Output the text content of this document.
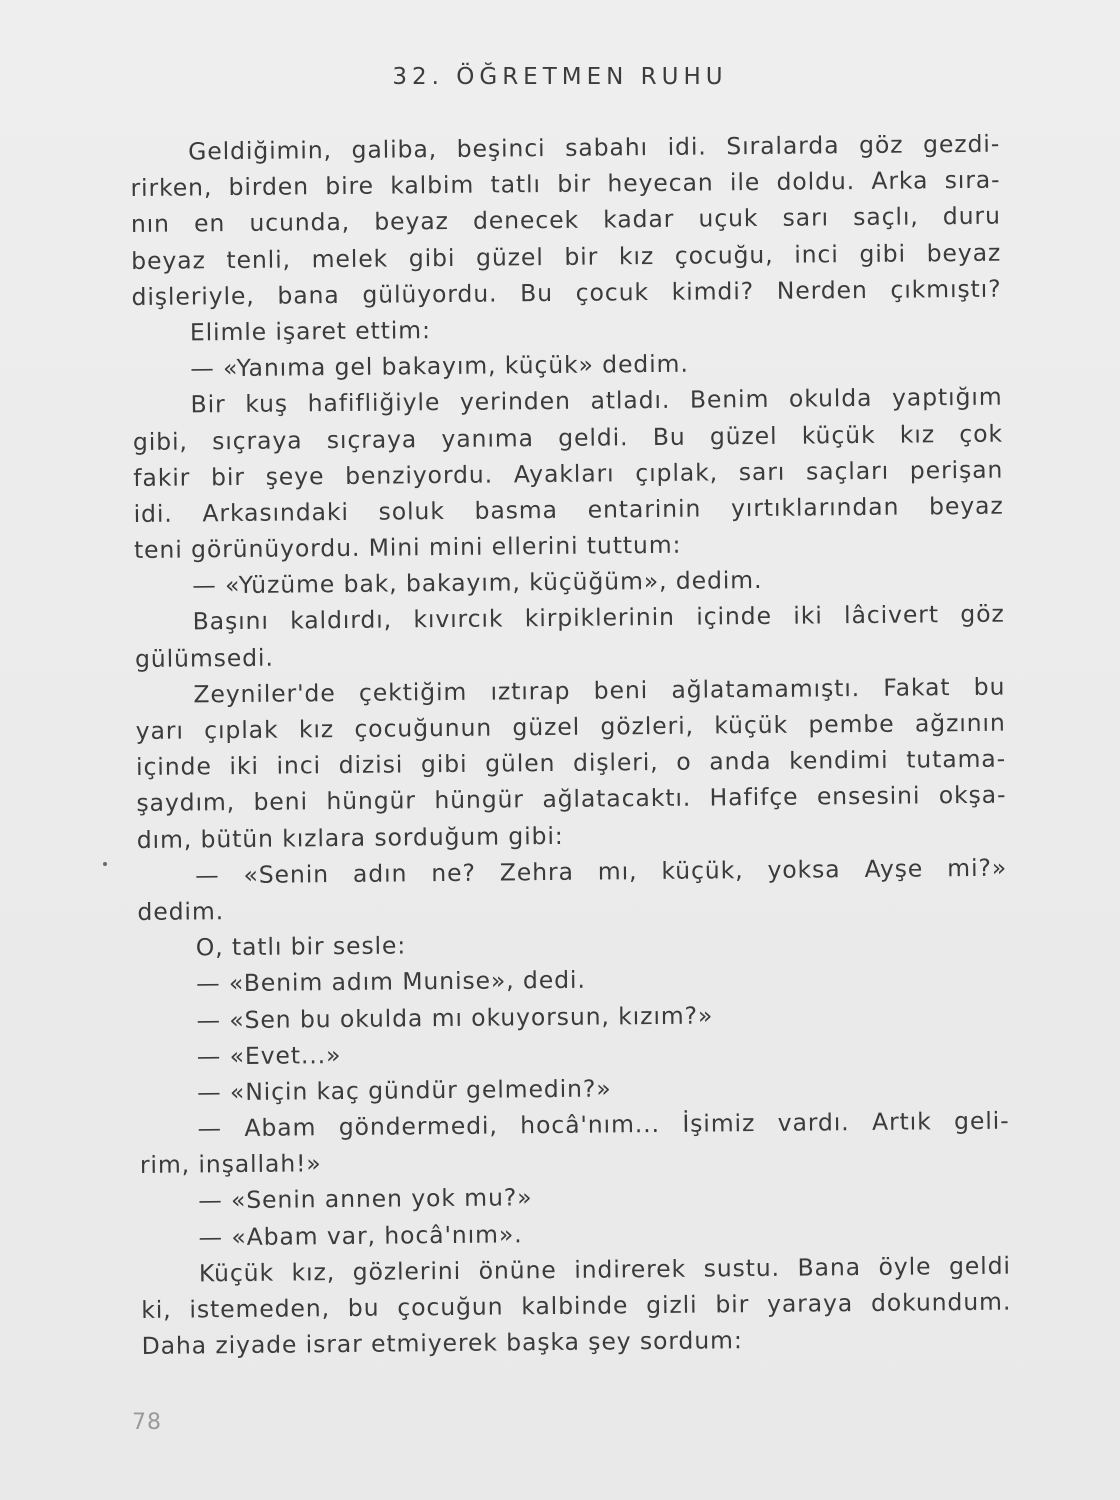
32. ÖĞRETMEN RUHU
Geldiğimin, galiba, beşinci sabahı idi. Sıralarda göz gezdi-
rirken, birden bire kalbim tatlı bir heyecan ile doldu. Arka sıra-
nın en ucunda, beyaz denecek kadar uçuk sarı saçlı, duru
beyaz tenli, melek gibi güzel bir kız çocuğu, inci gibi beyaz
dişleriyle, bana gülüyordu. Bu çocuk kimdi? Nerden çıkmıştı?
Elimle işaret ettim:
— «Yanıma gel bakayım, küçük» dedim.
Bir kuş hafifliğiyle yerinden atladı. Benim okulda yaptığım
gibi, sıçraya sıçraya yanıma geldi. Bu güzel küçük kız çok
fakir bir şeye benziyordu. Ayakları çıplak, sarı saçları perişan
idi. Arkasındaki soluk basma entarinin yırtıklarından beyaz
teni görünüyordu. Mini mini ellerini tuttum:
— «Yüzüme bak, bakayım, küçüğüm», dedim.
Başını kaldırdı, kıvırcık kirpiklerinin içinde iki lâcivert göz
gülümsedi.
Zeyniler'de çektiğim ıztırap beni ağlatamamıştı. Fakat bu
yarı çıplak kız çocuğunun güzel gözleri, küçük pembe ağzının
içinde iki inci dizisi gibi gülen dişleri, o anda kendimi tutama-
şaydım, beni hüngür hüngür ağlatacaktı. Hafifçe ensesini okşa-
dım, bütün kızlara sorduğum gibi:
— «Senin adın ne? Zehra mı, küçük, yoksa Ayşe mi?»
dedim.
O, tatlı bir sesle:
— «Benim adım Munise», dedi.
— «Sen bu okulda mı okuyorsun, kızım?»
— «Evet...»
— «Niçin kaç gündür gelmedin?»
— Abam göndermedi, hocâ'nım... İşimiz vardı. Artık geli-
rim, inşallah!»
— «Senin annen yok mu?»
— «Abam var, hocâ'nım».
Küçük kız, gözlerini önüne indirerek sustu. Bana öyle geldi
ki, istemeden, bu çocuğun kalbinde gizli bir yaraya dokundum.
Daha ziyade israr etmiyerek başka şey sordum:
78
